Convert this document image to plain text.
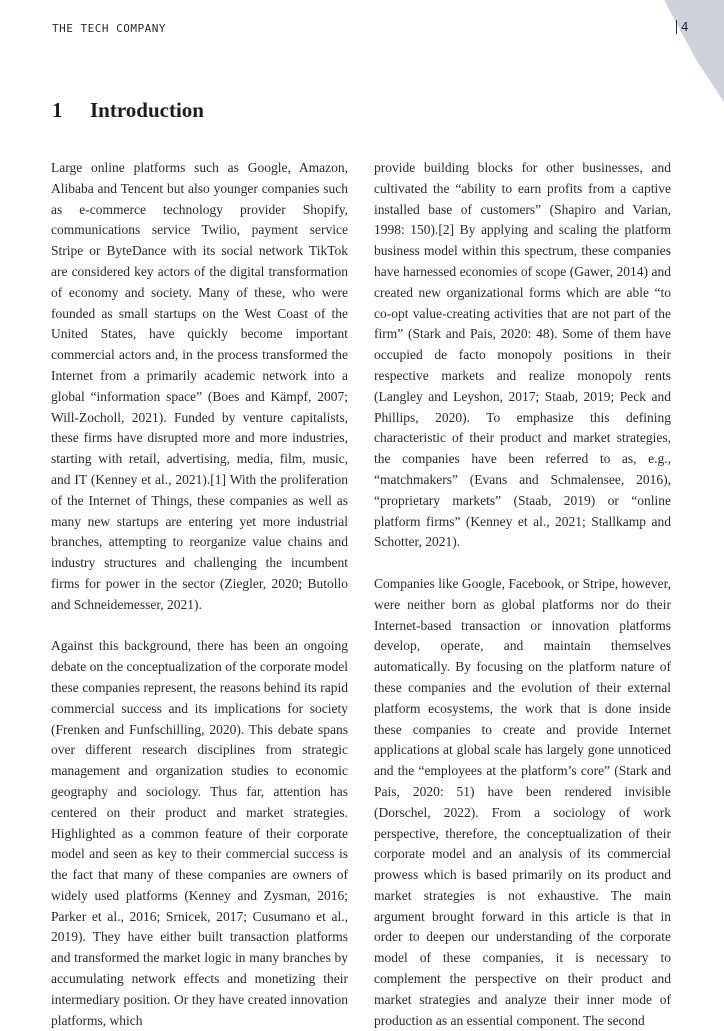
THE TECH COMPANY	4
1 Introduction

Large online platforms such as Google, Amazon, Alibaba and Tencent but also younger companies such as e-commerce technology provider Shopify, communications service Twilio, payment service Stripe or ByteDance with its social network TikTok are considered key actors of the digital transformation of economy and society. Many of these, who were founded as small startups on the West Coast of the United States, have quickly become important commercial actors and, in the process transformed the Internet from a primarily academic network into a global “information space” (Boes and Kämpf, 2007; Will-Zocholl, 2021). Funded by venture capitalists, these firms have disrupted more and more industries, starting with retail, advertising, media, film, music, and IT (Kenney et al., 2021).[1] With the proliferation of the Internet of Things, these companies as well as many new startups are entering yet more industrial branches, attempting to reorganize value chains and industry structures and challenging the incumbent firms for power in the sector (Ziegler, 2020; Butollo and Schneidemesser, 2021).

Against this background, there has been an ongoing debate on the conceptualization of the corporate model these companies represent, the reasons behind its rapid commercial success and its implications for society (Frenken and Funfschilling, 2020). This debate spans over different research disciplines from strategic management and organization studies to economic geography and sociology. Thus far, attention has centered on their product and market strategies. Highlighted as a common feature of their corporate model and seen as key to their commercial success is the fact that many of these companies are owners of widely used platforms (Kenney and Zysman, 2016; Parker et al., 2016; Srnicek, 2017; Cusumano et al., 2019). They have either built transaction platforms and transformed the market logic in many branches by accumulating network effects and monetizing their intermediary position. Or they have created innovation platforms, which

provide building blocks for other businesses, and cultivated the “ability to earn profits from a captive installed base of customers” (Shapiro and Varian, 1998: 150).[2] By applying and scaling the platform business model within this spectrum, these companies have harnessed economies of scope (Gawer, 2014) and created new organizational forms which are able “to co-opt value-creating activities that are not part of the firm” (Stark and Pais, 2020: 48). Some of them have occupied de facto monopoly positions in their respective markets and realize monopoly rents (Langley and Leyshon, 2017; Staab, 2019; Peck and Phillips, 2020). To emphasize this defining characteristic of their product and market strategies, the companies have been referred to as, e.g., “matchmakers” (Evans and Schmalensee, 2016), “proprietary markets” (Staab, 2019) or “online platform firms” (Kenney et al., 2021; Stallkamp and Schotter, 2021).

Companies like Google, Facebook, or Stripe, however, were neither born as global platforms nor do their Internet-based transaction or innovation platforms develop, operate, and maintain themselves automatically. By focusing on the platform nature of these companies and the evolution of their external platform ecosystems, the work that is done inside these companies to create and provide Internet applications at global scale has largely gone unnoticed and the “employees at the platform’s core” (Stark and Pais, 2020: 51) have been rendered invisible (Dorschel, 2022). From a sociology of work perspective, therefore, the conceptualization of their corporate model and an analysis of its commercial prowess which is based primarily on its product and market strategies is not exhaustive. The main argument brought forward in this article is that in order to deepen our understanding of the corporate model of these companies, it is necessary to complement the perspective on their product and market strategies and analyze their inner mode of production as an essential component. The second
